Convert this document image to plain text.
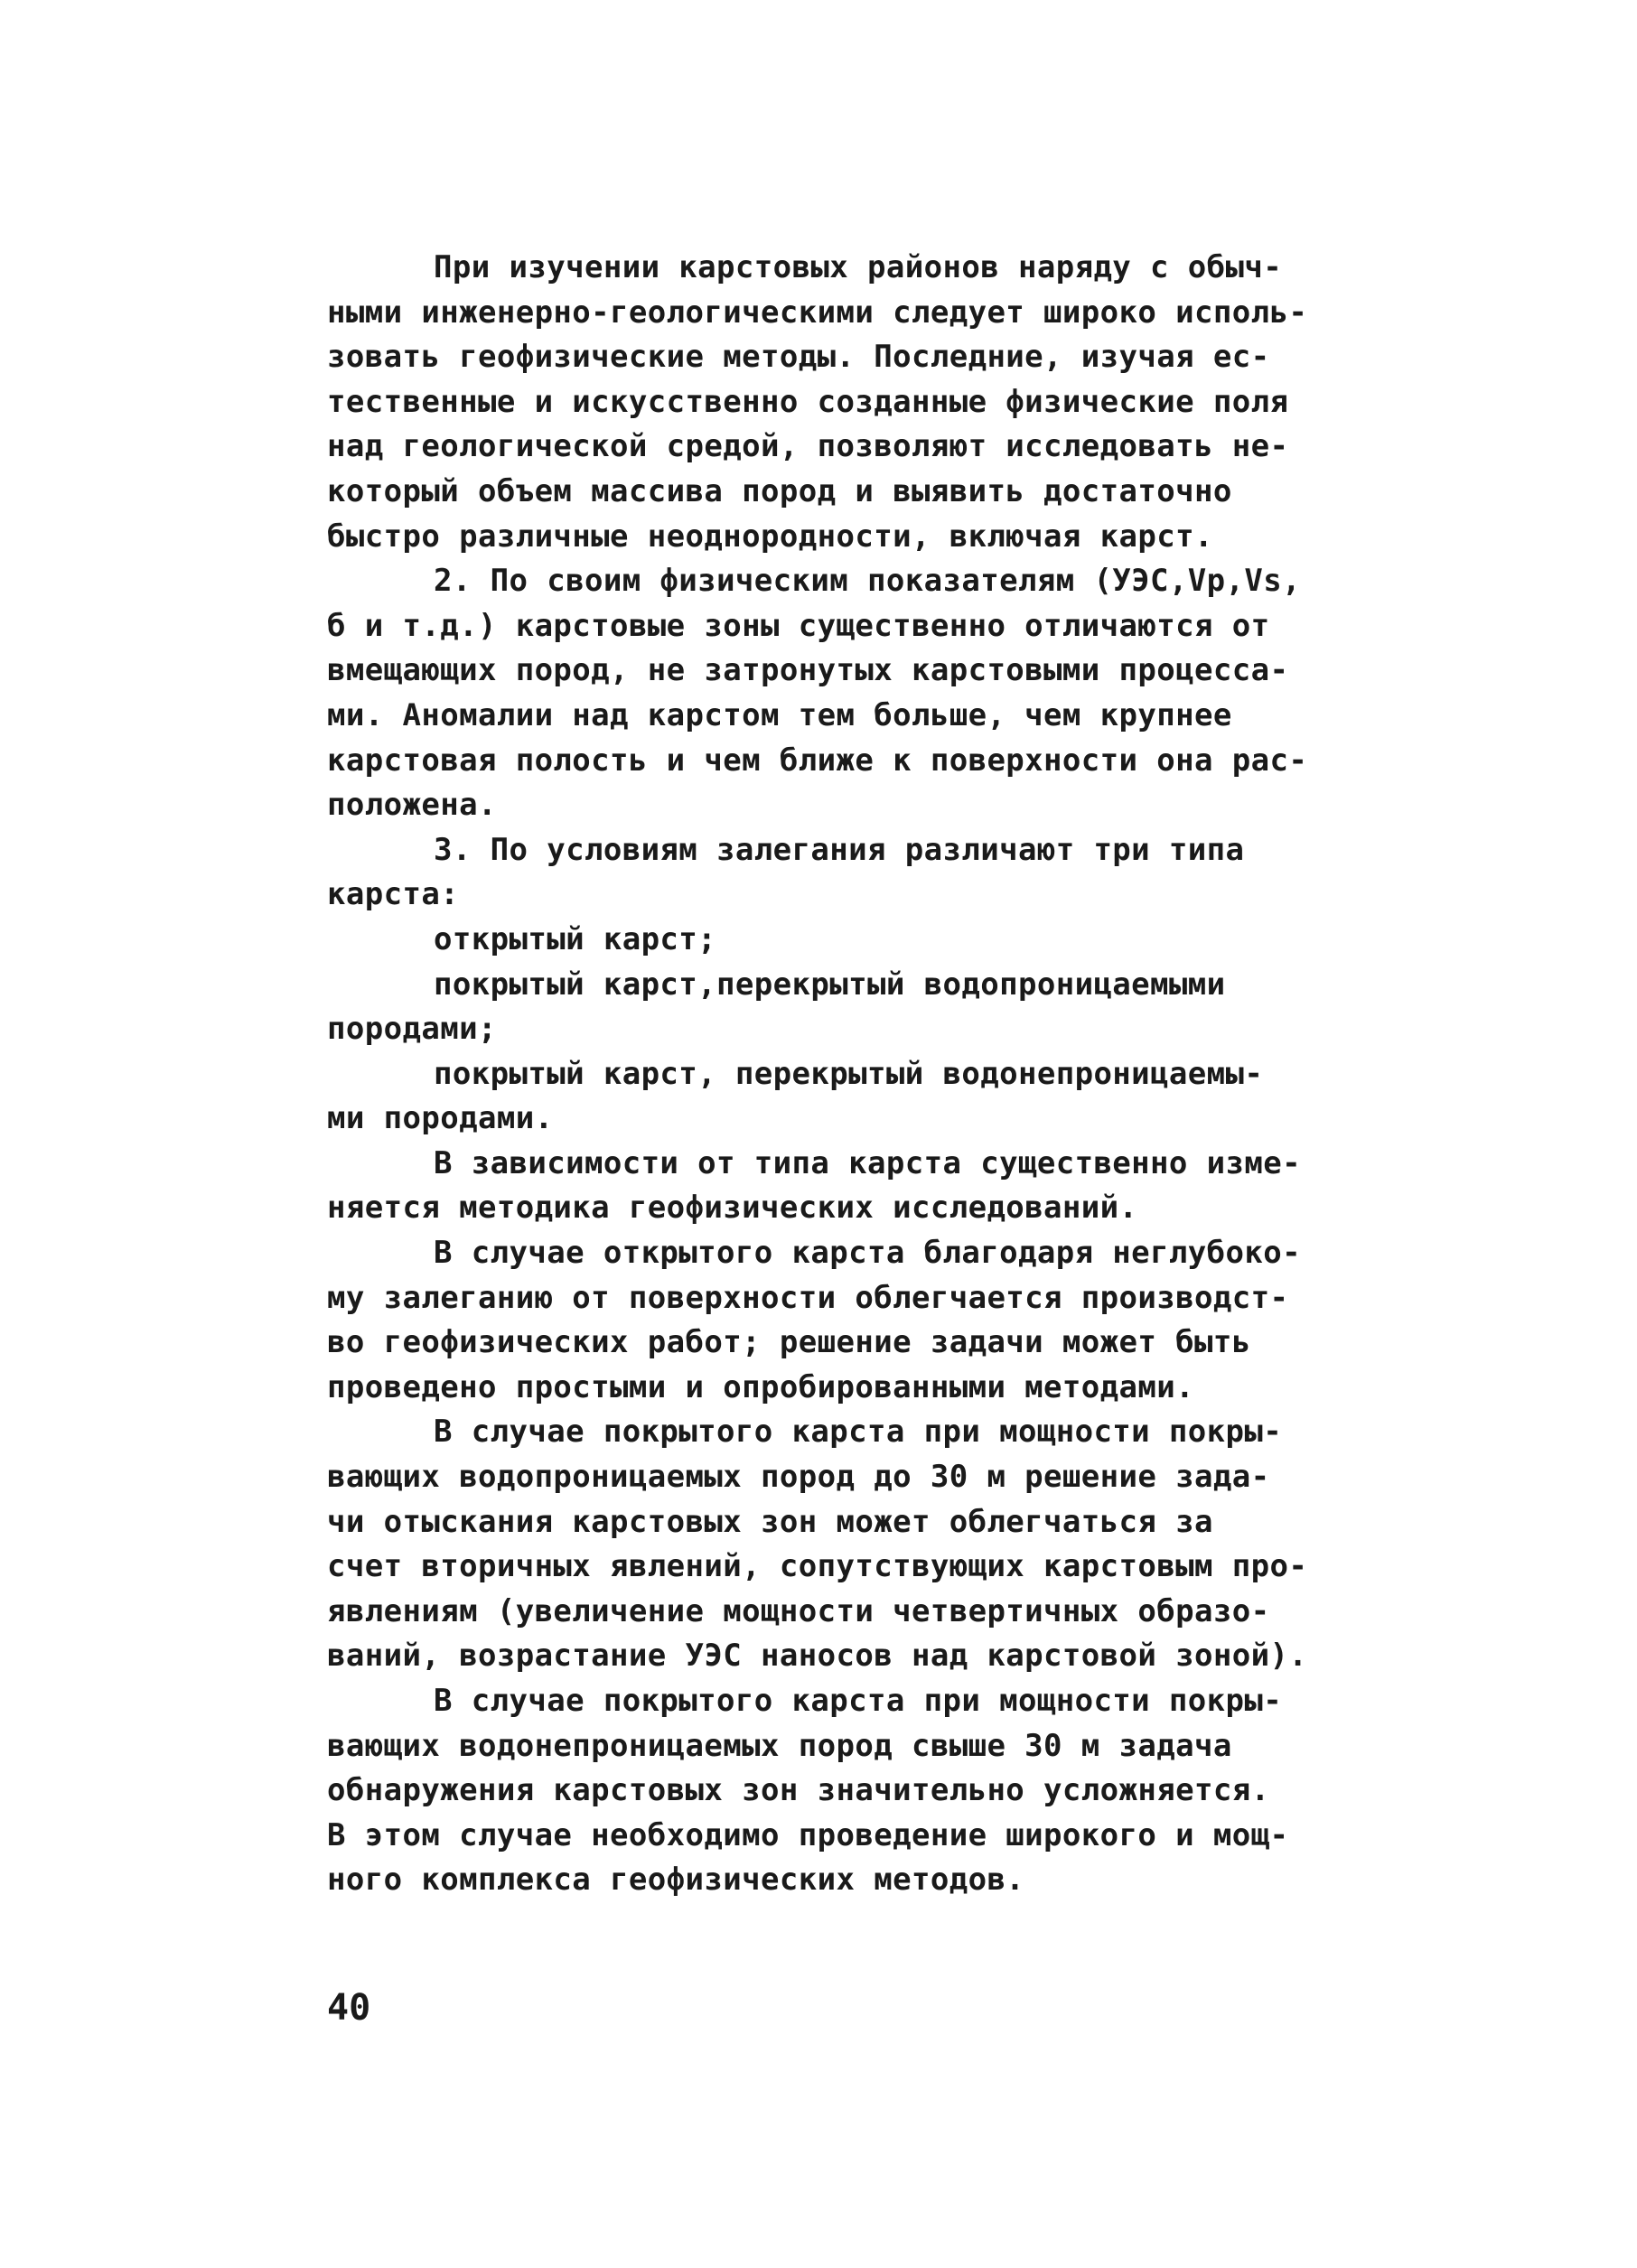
При изучении карстовых районов наряду с обыч-
ными инженерно-геологическими следует широко исполь-
зовать геофизические методы. Последние, изучая ес-
тественные и искусственно созданные физические поля
над геологической средой, позволяют исследовать не-
который объем массива пород и выявить достаточно
быстро различные неоднородности, включая карст.
2. По своим физическим показателям (УЭС,Vp,Vs,
б и т.д.) карстовые зоны существенно отличаются от
вмещающих пород, не затронутых карстовыми процесса-
ми. Аномалии над карстом тем больше, чем крупнее
карстовая полость и чем ближе к поверхности она рас-
положена.
3. По условиям залегания различают три типа
карста:
открытый карст;
покрытый карст,перекрытый водопроницаемыми
породами;
покрытый карст, перекрытый водонепроницаемы-
ми породами.
В зависимости от типа карста существенно изме-
няется методика геофизических исследований.
В случае открытого карста благодаря неглубоко-
му залеганию от поверхности облегчается производст-
во геофизических работ; решение задачи может быть
проведено простыми и опробированными методами.
В случае покрытого карста при мощности покры-
вающих водопроницаемых пород до 30 м решение зада-
чи отыскания карстовых зон может облегчаться за
счет вторичных явлений, сопутствующих карстовым про-
явлениям (увеличение мощности четвертичных образо-
ваний, возрастание УЭС наносов над карстовой зоной).
В случае покрытого карста при мощности покры-
вающих водонепроницаемых пород свыше 30 м задача
обнаружения карстовых зон значительно усложняется.
В этом случае необходимо проведение широкого и мощ-
ного комплекса геофизических методов.
40
